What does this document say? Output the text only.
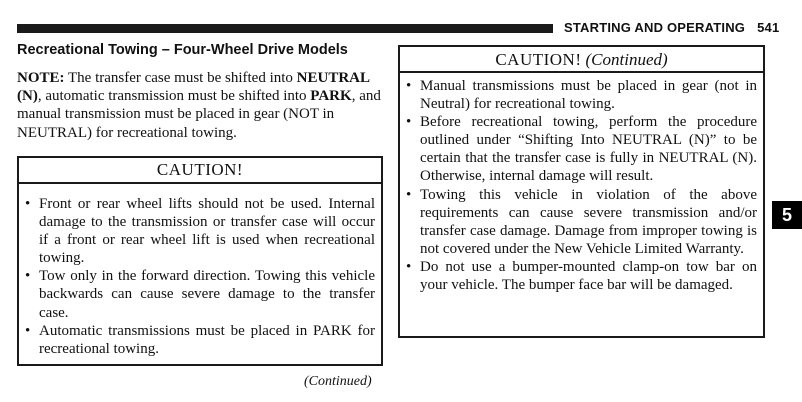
STARTING AND OPERATING 541
Recreational Towing – Four-Wheel Drive Models
NOTE: The transfer case must be shifted into NEUTRAL (N), automatic transmission must be shifted into PARK, and manual transmission must be placed in gear (NOT in NEUTRAL) for recreational towing.
CAUTION!
• Front or rear wheel lifts should not be used. Internal damage to the transmission or transfer case will occur if a front or rear wheel lift is used when recreational towing.
• Tow only in the forward direction. Towing this vehicle backwards can cause severe damage to the transfer case.
• Automatic transmissions must be placed in PARK for recreational towing.
CAUTION! (Continued)
• Manual transmissions must be placed in gear (not in Neutral) for recreational towing.
• Before recreational towing, perform the procedure outlined under “Shifting Into NEUTRAL (N)” to be certain that the transfer case is fully in NEUTRAL (N). Otherwise, internal damage will result.
• Towing this vehicle in violation of the above requirements can cause severe transmission and/or transfer case damage. Damage from improper towing is not covered under the New Vehicle Limited Warranty.
• Do not use a bumper-mounted clamp-on tow bar on your vehicle. The bumper face bar will be damaged.
(Continued)
5
